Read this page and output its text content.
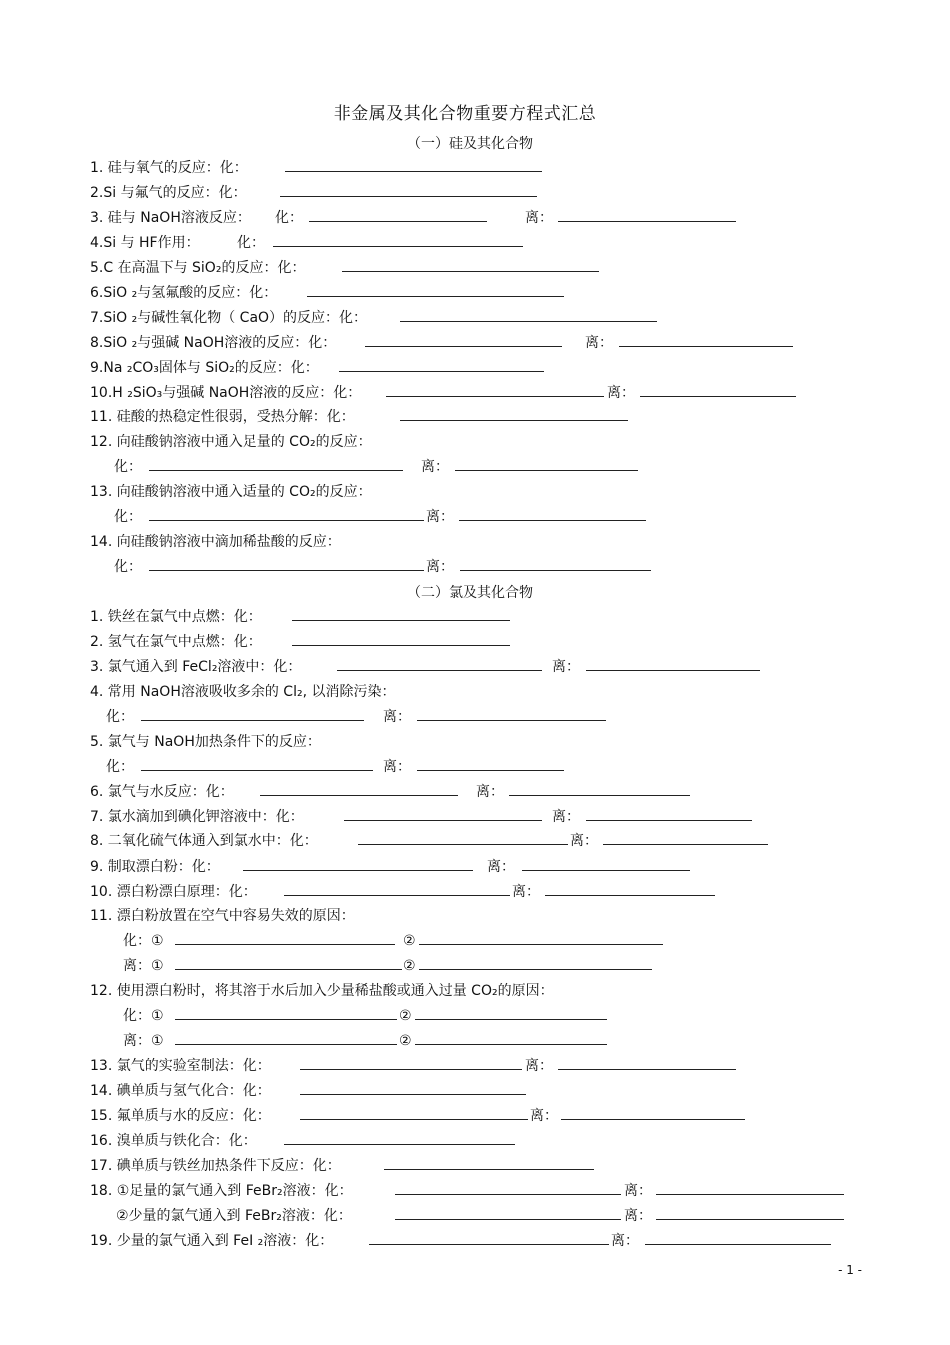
非金属及其化合物重要方程式汇总
（一）硅及其化合物
1. 硅与氧气的反应：化：
2.Si 与氟气的反应：化：
3. 硅与 NaOH溶液反应： 化：	离：
4.Si 与 HF作用：	化：
5.C 在高温下与 SiO₂的反应：化：
6.SiO ₂与氢氟酸的反应：化：
7.SiO ₂与碱性氧化物（ CaO）的反应：化：
8.SiO ₂与强碱 NaOH溶液的反应：化：	离：
9.Na ₂CO₃固体与 SiO₂的反应：化：
10.H ₂SiO₃与强碱 NaOH溶液的反应：化：	离：
11. 硅酸的热稳定性很弱，受热分解：化：
12. 向硅酸钠溶液中通入足量的 CO₂的反应：
化：	离：
13. 向硅酸钠溶液中通入适量的 CO₂的反应：
化：	离：
14. 向硅酸钠溶液中滴加稀盐酸的反应：
化：	离：
（二）氯及其化合物
1. 铁丝在氯气中点燃：化：
2. 氢气在氯气中点燃：化：
3. 氯气通入到 FeCl₂溶液中：化：	离：
4. 常用 NaOH溶液吸收多余的 Cl₂, 以消除污染：
化：	离：
5. 氯气与 NaOH加热条件下的反应：
化：	离：
6. 氯气与水反应：化：	离：
7. 氯水滴加到碘化钾溶液中：化：	离：
8. 二氧化硫气体通入到氯水中：化：	离：
9. 制取漂白粉：化：	离：
10. 漂白粉漂白原理：化：	离：
11. 漂白粉放置在空气中容易失效的原因：
化：①	②
离：①	②
12. 使用漂白粉时，将其溶于水后加入少量稀盐酸或通入过量 CO₂的原因：
化：①	②
离：①	②
13. 氯气的实验室制法：化：	离：
14. 碘单质与氢气化合：化：
15. 氟单质与水的反应：化：	离：
16. 溴单质与铁化合：化：
17. 碘单质与铁丝加热条件下反应：化：
18. ①足量的氯气通入到 FeBr₂溶液：化：	离：
②少量的氯气通入到 FeBr₂溶液：化：	离：
19. 少量的氯气通入到 FeI ₂溶液：化：	离：
- 1 -
